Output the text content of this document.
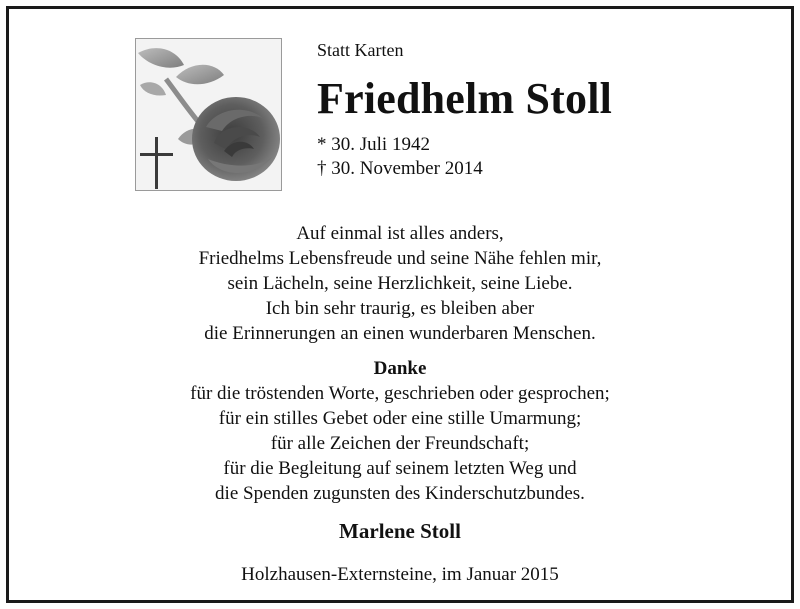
Statt Karten

Friedhelm Stoll

* 30. Juli 1942

† 30. November 2014

Auf einmal ist alles anders,

Friedhelms Lebensfreude und seine Nähe fehlen mir,

sein Lächeln, seine Herzlichkeit, seine Liebe.

Ich bin sehr traurig, es bleiben aber

die Erinnerungen an einen wunderbaren Menschen.

Danke

für die tröstenden Worte, geschrieben oder gesprochen;

für ein stilles Gebet oder eine stille Umarmung;

für alle Zeichen der Freundschaft;

für die Begleitung auf seinem letzten Weg und

die Spenden zugunsten des Kinderschutzbundes.

Marlene Stoll

Holzhausen-Externsteine, im Januar 2015
